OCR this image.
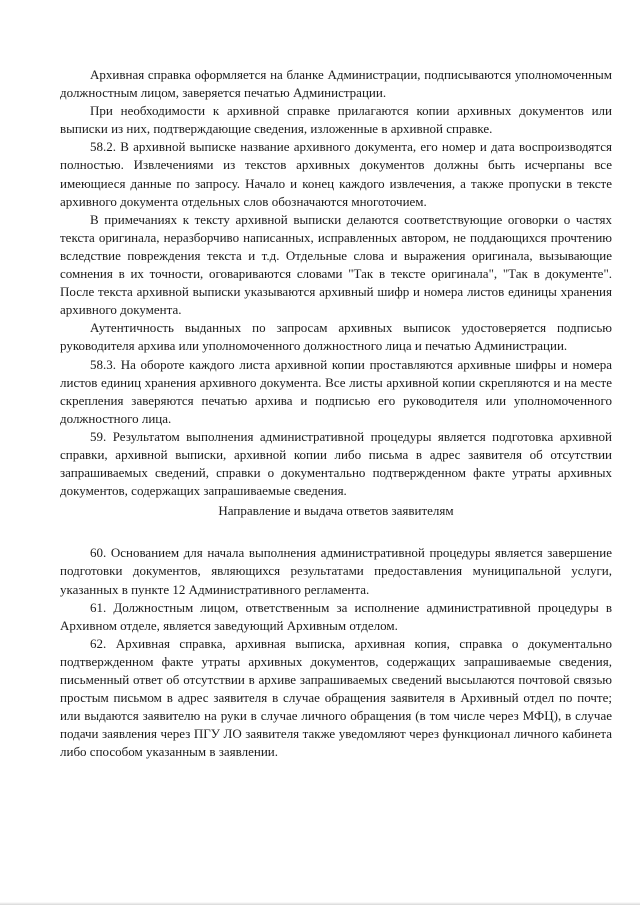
Архивная справка оформляется на бланке Администрации, подписываются уполномоченным должностным лицом, заверяется печатью Администрации.

При необходимости к архивной справке прилагаются копии архивных документов или выписки из них, подтверждающие сведения, изложенные в архивной справке.

58.2. В архивной выписке название архивного документа, его номер и дата воспроизводятся полностью. Извлечениями из текстов архивных документов должны быть исчерпаны все имеющиеся данные по запросу. Начало и конец каждого извлечения, а также пропуски в тексте архивного документа отдельных слов обозначаются многоточием.

В примечаниях к тексту архивной выписки делаются соответствующие оговорки о частях текста оригинала, неразборчиво написанных, исправленных автором, не поддающихся прочтению вследствие повреждения текста и т.д. Отдельные слова и выражения оригинала, вызывающие сомнения в их точности, оговариваются словами "Так в тексте оригинала", "Так в документе". После текста архивной выписки указываются архивный шифр и номера листов единицы хранения архивного документа.

Аутентичность выданных по запросам архивных выписок удостоверяется подписью руководителя архива или уполномоченного должностного лица и печатью Администрации.

58.3. На обороте каждого листа архивной копии проставляются архивные шифры и номера листов единиц хранения архивного документа. Все листы архивной копии скрепляются и на месте скрепления заверяются печатью архива и подписью его руководителя или уполномоченного должностного лица.

59. Результатом выполнения административной процедуры является подготовка архивной справки, архивной выписки, архивной копии либо письма в адрес заявителя об отсутствии запрашиваемых сведений, справки о документально подтвержденном факте утраты архивных документов, содержащих запрашиваемые сведения.

Направление и выдача ответов заявителям

60. Основанием для начала выполнения административной процедуры является завершение подготовки документов, являющихся результатами предоставления муниципальной услуги, указанных в пункте 12 Административного регламента.

61. Должностным лицом, ответственным за исполнение административной процедуры в Архивном отделе, является заведующий Архивным отделом.

62. Архивная справка, архивная выписка, архивная копия, справка о документально подтвержденном факте утраты архивных документов, содержащих запрашиваемые сведения, письменный ответ об отсутствии в архиве запрашиваемых сведений высылаются почтовой связью простым письмом в адрес заявителя в случае обращения заявителя в Архивный отдел по почте; или выдаются заявителю на руки в случае личного обращения (в том числе через МФЦ), в случае подачи заявления через ПГУ ЛО заявителя также уведомляют через функционал личного кабинета либо способом указанным в заявлении.
